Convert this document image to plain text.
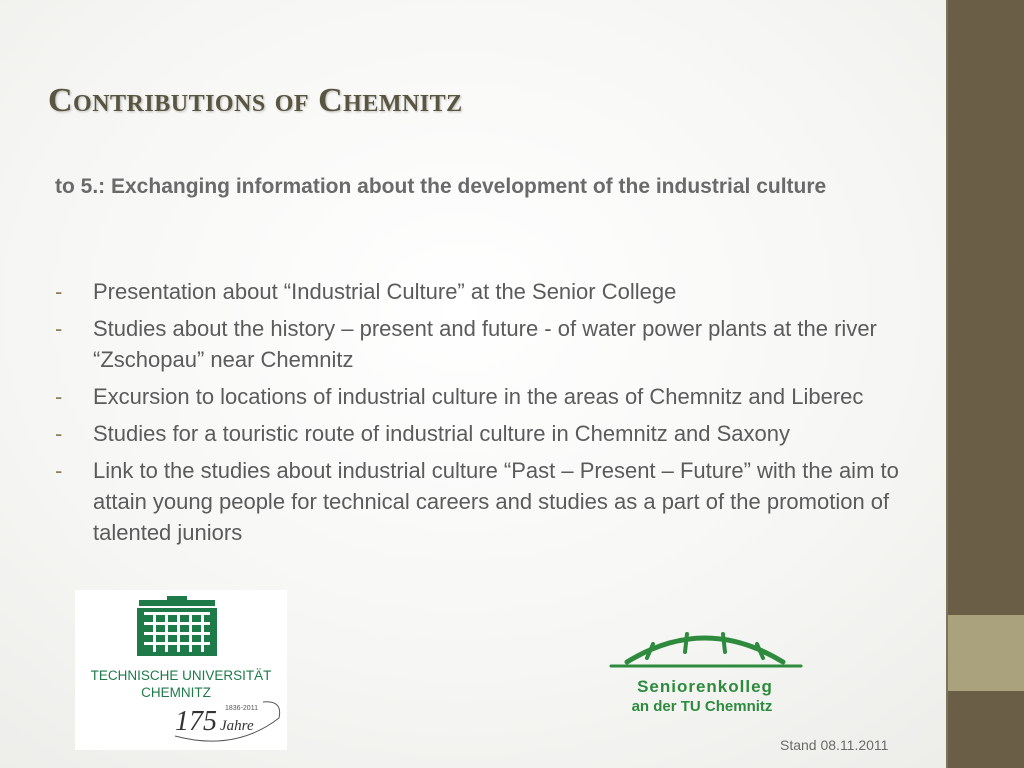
Contributions of Chemnitz

to 5.: Exchanging information about the development of the industrial culture

- Presentation about “Industrial Culture” at the Senior College
- Studies about the history – present and future - of water power plants at the river “Zschopau” near Chemnitz
- Excursion to locations of industrial culture in the areas of Chemnitz and Liberec
- Studies for a touristic route of industrial culture in Chemnitz and Saxony
- Link to the studies about industrial culture “Past – Present – Future” with the aim to attain young people for technical careers and studies as a part of the promotion of talented juniors
TECHNISCHE UNIVERSITÄT
CHEMNITZ
175 Jahre
1836-2011
Seniorenkolleg
an der TU Chemnitz
Stand 08.11.2011
